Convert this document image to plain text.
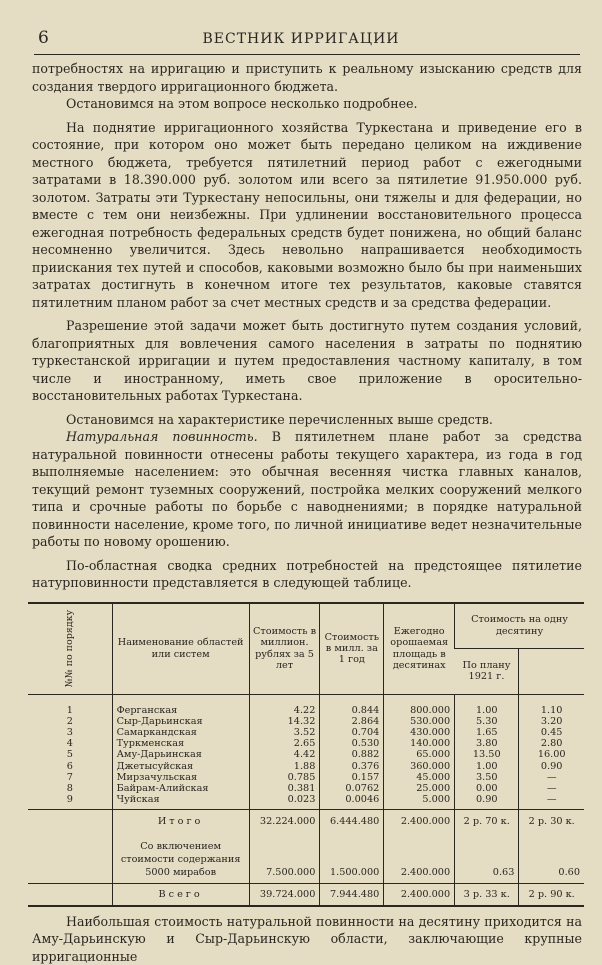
6	ВЕСТНИК ИРРИГАЦИИ

потребностях на ирригацию и приступить к реальному изысканию средств для создания твердого ирригационного бюджета.

Остановимся на этом вопросе несколько подробнее.

На поднятие ирригационного хозяйства Туркестана и приведение его в состояние, при котором оно может быть передано целиком на иждивение местного бюджета, требуется пятилетний период работ с ежегодными затратами в 18.390.000 руб. золотом или всего за пятилетие 91.950.000 руб. золотом. Затраты эти Туркестану непосильны, они тяжелы и для федерации, но вместе с тем они неизбежны. При удлинении восстановительного процесса ежегодная потребность федеральных средств будет понижена, но общий баланс несомненно увеличится. Здесь невольно напрашивается необходимость приискания тех путей и способов, каковыми возможно было бы при наименьших затратах достигнуть в конечном итоге тех результатов, каковые ставятся пятилетним планом работ за счет местных средств и за средства федерации.

Разрешение этой задачи может быть достигнуто путем создания условий, благоприятных для вовлечения самого населения в затраты по поднятию туркестанской ирригации и путем предоставления частному капиталу, в том числе и иностранному, иметь свое приложение в оросительно-восстановительных работах Туркестана.

Остановимся на характеристике перечисленных выше средств.

Натуральная повинность. В пятилетнем плане работ за средства натуральной повинности отнесены работы текущего характера, из года в год выполняемые населением: это обычная весенняя чистка главных каналов, текущий ремонт туземных сооружений, постройка мелких сооружений мелкого типа и срочные работы по борьбе с наводнениями; в порядке натуральной повинности население, кроме того, по личной инициативе ведет незначительные работы по новому орошению.

По-областная сводка средних потребностей на предстоящее пятилетие натурповинности представляется в следующей таблице.

№№ по порядку	Наименование областей или систем	Стоимость в миллион. рублях за 5 лет	Стоимость в милл. за 1 год	Ежегодно орошаемая площадь в десятинах	Стоимость на одну десятину	
					По плану 1921 г.	
1	Ферганская	4.22	0.844	800.000	1.00	1.10
2	Сыр-Дарьинская	14.32	2.864	530.000	5.30	3.20
3	Самаркандская	3.52	0.704	430.000	1.65	0.45
4	Туркменская	2.65	0.530	140.000	3.80	2.80
5	Аму-Дарьинская	4.42	0.882	65.000	13.50	16.00
6	Джетысуйская	1.88	0.376	360.000	1.00	0.90
7	Мирзачульская	0.785	0.157	45.000	3.50	—
8	Байрам-Алийская	0.381	0.0762	25.000	0.00	—
9	Чуйская	0.023	0.0046	5.000	0.90	—
	Итого	32.224.000	6.444.480	2.400.000	2 р. 70 к.	2 р. 30 к.
	Со включением стоимости содержания 5000 мирабов	7.500.000	1.500.000	2.400.000	0.63	0.60
	Всего	39.724.000	7.944.480	2.400.000	3 р. 33 к.	2 р. 90 к.

Наибольшая стоимость натуральной повинности на десятину приходится на Аму-Дарьинскую и Сыр-Дарьинскую области, заключающие крупные ирригационные
